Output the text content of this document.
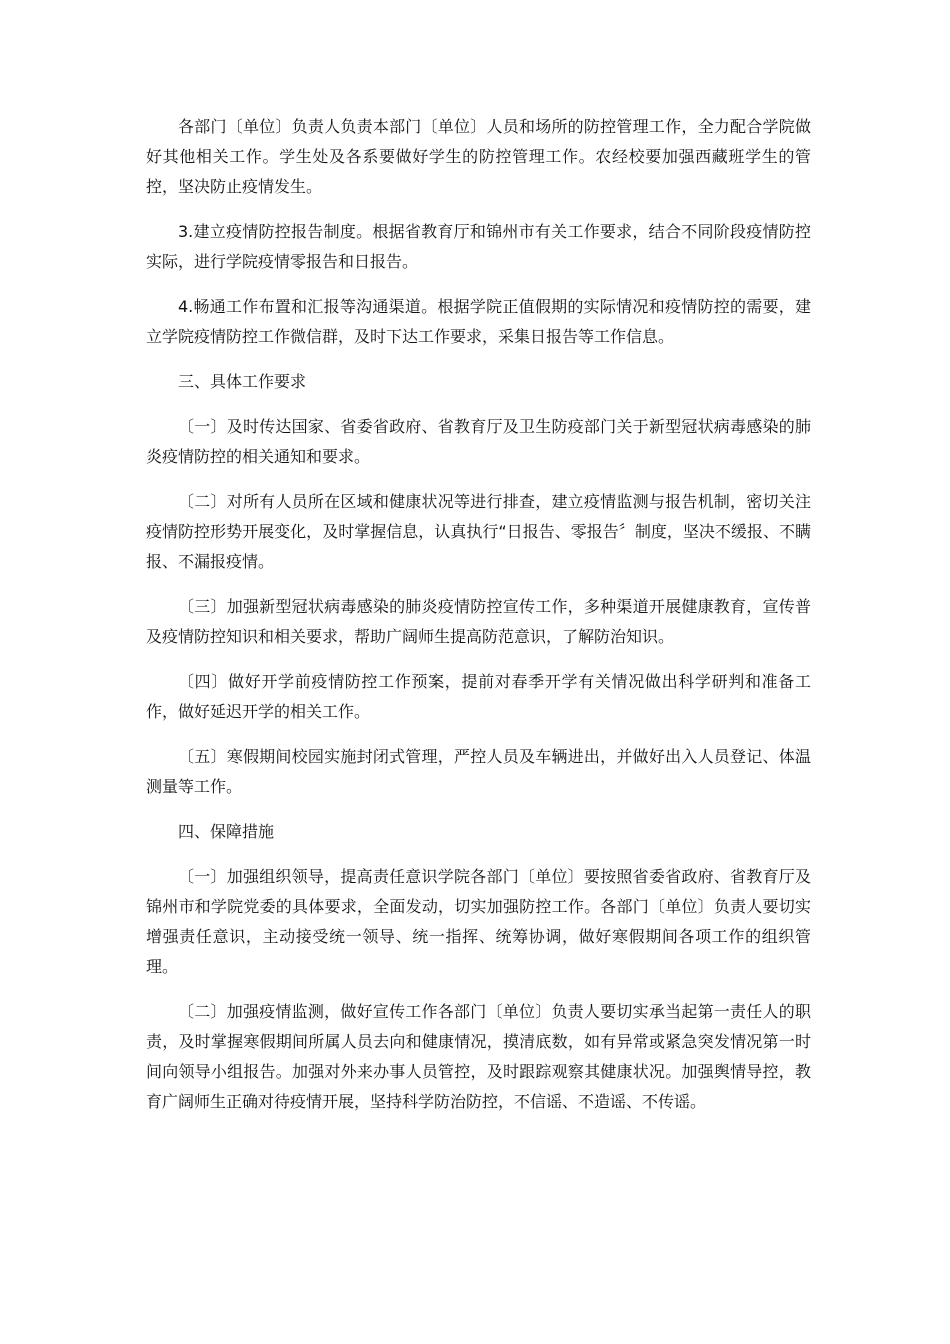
各部门〔单位〕负责人负责本部门〔单位〕人员和场所的防控管理工作，全力配合学院做好其他相关工作。学生处及各系要做好学生的防控管理工作。农经校要加强西藏班学生的管控，坚决防止疫情发生。

3.建立疫情防控报告制度。根据省教育厅和锦州市有关工作要求，结合不同阶段疫情防控实际，进行学院疫情零报告和日报告。

4.畅通工作布置和汇报等沟通渠道。根据学院正值假期的实际情况和疫情防控的需要，建立学院疫情防控工作微信群，及时下达工作要求，采集日报告等工作信息。

三、具体工作要求

〔一〕及时传达国家、省委省政府、省教育厅及卫生防疫部门关于新型冠状病毒感染的肺炎疫情防控的相关通知和要求。

〔二〕对所有人员所在区域和健康状况等进行排查，建立疫情监测与报告机制，密切关注疫情防控形势开展变化，及时掌握信息，认真执行“日报告、零报告〞制度，坚决不缓报、不瞒报、不漏报疫情。

〔三〕加强新型冠状病毒感染的肺炎疫情防控宣传工作，多种渠道开展健康教育，宣传普及疫情防控知识和相关要求，帮助广阔师生提高防范意识，了解防治知识。

〔四〕做好开学前疫情防控工作预案，提前对春季开学有关情况做出科学研判和准备工作，做好延迟开学的相关工作。

〔五〕寒假期间校园实施封闭式管理，严控人员及车辆进出，并做好出入人员登记、体温测量等工作。

四、保障措施

〔一〕加强组织领导，提高责任意识学院各部门〔单位〕要按照省委省政府、省教育厅及锦州市和学院党委的具体要求，全面发动，切实加强防控工作。各部门〔单位〕负责人要切实增强责任意识，主动接受统一领导、统一指挥、统筹协调，做好寒假期间各项工作的组织管理。

〔二〕加强疫情监测，做好宣传工作各部门〔单位〕负责人要切实承当起第一责任人的职责，及时掌握寒假期间所属人员去向和健康情况，摸清底数，如有异常或紧急突发情况第一时间向领导小组报告。加强对外来办事人员管控，及时跟踪观察其健康状况。加强舆情导控，教育广阔师生正确对待疫情开展，坚持科学防治防控，不信谣、不造谣、不传谣。
